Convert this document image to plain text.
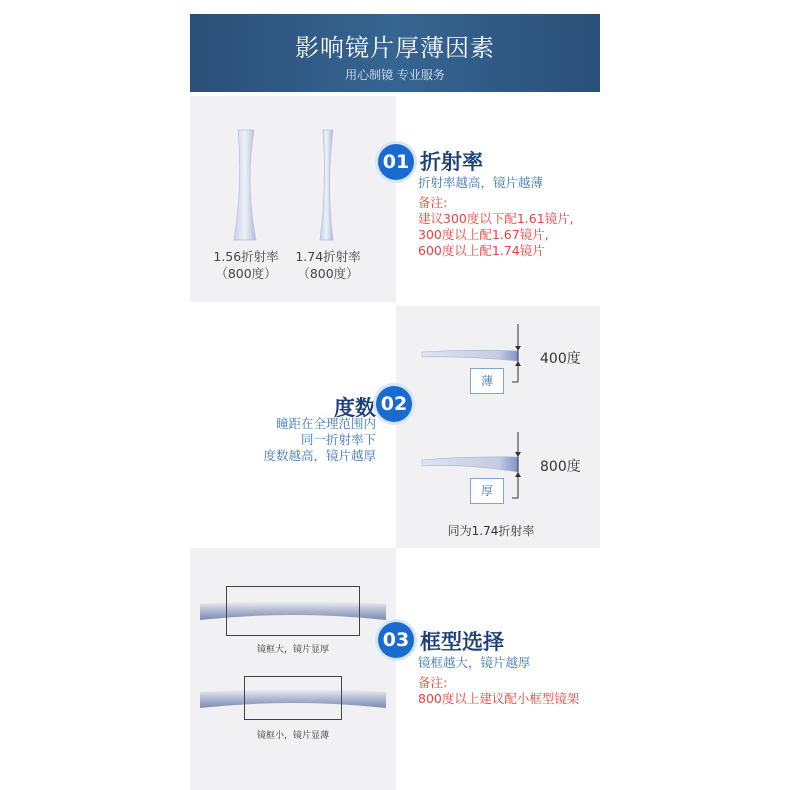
影响镜片厚薄因素
用心制镜 专业服务
1.56折射率
（800度）
1.74折射率
（800度）
01 折射率
折射率越高，镜片越薄
备注:
建议300度以下配1.61镜片,
300度以上配1.67镜片,
600度以上配1.74镜片
薄
400度
厚
800度
同为1.74折射率
度数 02
瞳距在全理范围内
同一折射率下
度数越高，镜片越厚
镜框大，镜片显厚
镜框小，镜片显薄
03 框型选择
镜框越大，镜片越厚
备注:
800度以上建议配小框型镜架
